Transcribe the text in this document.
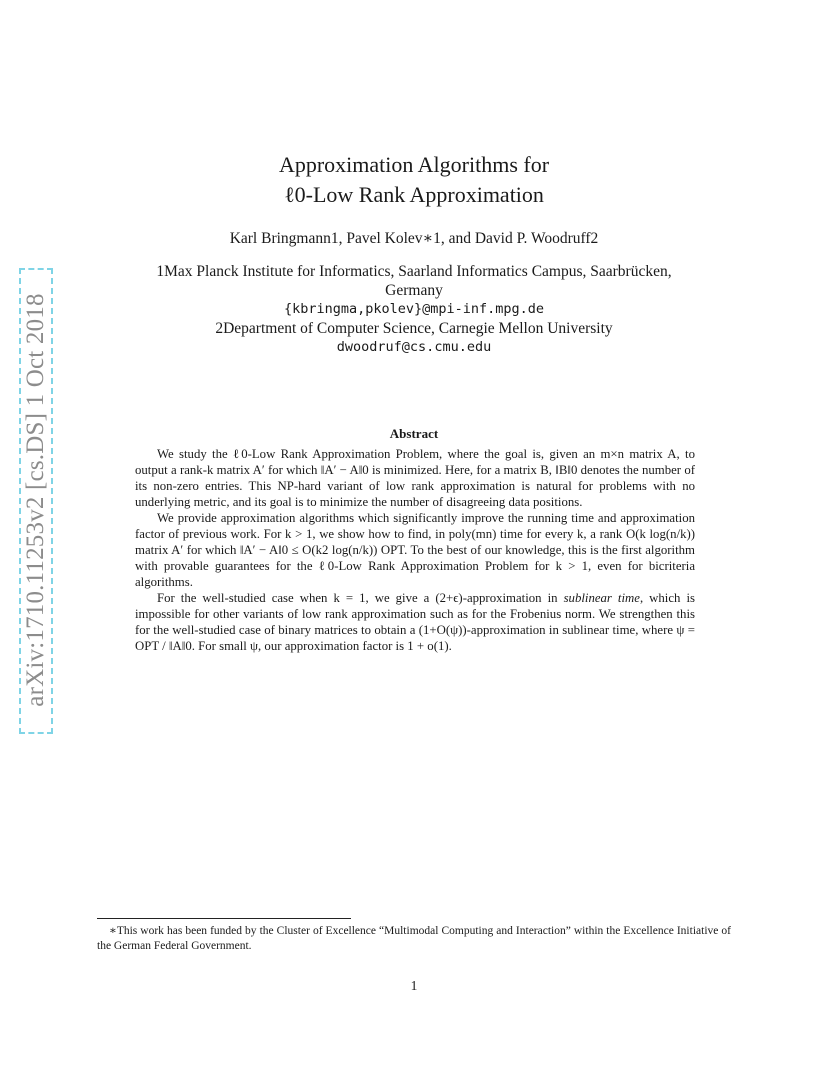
arXiv:1710.11253v2 [cs.DS] 1 Oct 2018
Approximation Algorithms for
ℓ0-Low Rank Approximation
Karl Bringmann1, Pavel Kolev∗1, and David P. Woodruff2
1Max Planck Institute for Informatics, Saarland Informatics Campus, Saarbrücken,
Germany
{kbringma,pkolev}@mpi-inf.mpg.de
2Department of Computer Science, Carnegie Mellon University
dwoodruf@cs.cmu.edu
Abstract

We study the ℓ0-Low Rank Approximation Problem, where the goal is, given an m×n matrix A, to output a rank-k matrix A′ for which ‖A′ − A‖0 is minimized. Here, for a matrix B, ‖B‖0 denotes the number of its non-zero entries. This NP-hard variant of low rank approximation is natural for problems with no underlying metric, and its goal is to minimize the number of disagreeing data positions.

We provide approximation algorithms which significantly improve the running time and approximation factor of previous work. For k > 1, we show how to find, in poly(mn) time for every k, a rank O(k log(n/k)) matrix A′ for which ‖A′ − A‖0 ≤ O(k2 log(n/k)) OPT. To the best of our knowledge, this is the first algorithm with provable guarantees for the ℓ0-Low Rank Approximation Problem for k > 1, even for bicriteria algorithms.

For the well-studied case when k = 1, we give a (2+ϵ)-approximation in sublinear time, which is impossible for other variants of low rank approximation such as for the Frobenius norm. We strengthen this for the well-studied case of binary matrices to obtain a (1+O(ψ))-approximation in sublinear time, where ψ = OPT / ‖A‖0. For small ψ, our approximation factor is 1 + o(1).

∗This work has been funded by the Cluster of Excellence “Multimodal Computing and Interaction” within the Excellence Initiative of the German Federal Government.
1
